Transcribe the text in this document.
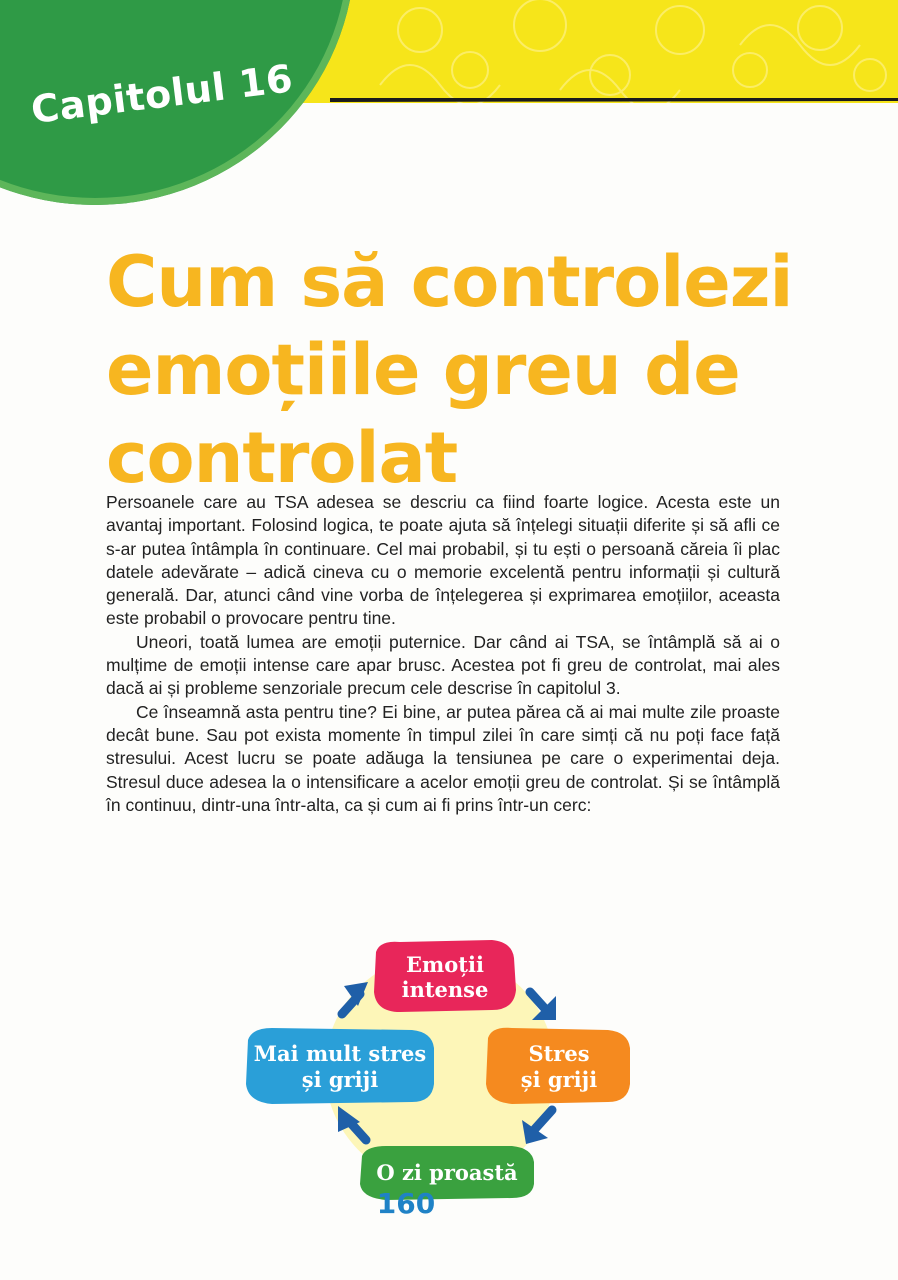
Capitolul 16
Cum să controlezi
emoțiile greu de
controlat

Persoanele care au TSA adesea se descriu ca fiind foarte logice. Acesta este un avantaj important. Folosind logica, te poate ajuta să înțelegi situații diferite și să afli ce s-ar putea întâmpla în continuare. Cel mai probabil, și tu ești o persoană căreia îi plac datele adevărate – adică cineva cu o memorie excelentă pentru informații și cultură generală. Dar, atunci când vine vorba de înțelegerea și exprimarea emoțiilor, aceasta este probabil o provocare pentru tine.

Uneori, toată lumea are emoții puternice. Dar când ai TSA, se întâmplă să ai o mulțime de emoții intense care apar brusc. Acestea pot fi greu de controlat, mai ales dacă ai și probleme senzoriale precum cele descrise în capitolul 3.

Ce înseamnă asta pentru tine? Ei bine, ar putea părea că ai mai multe zile proaste decât bune. Sau pot exista momente în timpul zilei în care simți că nu poți face față stresului. Acest lucru se poate adăuga la tensiunea pe care o experimentai deja. Stresul duce adesea la o intensificare a acelor emoții greu de controlat. Și se întâmplă în continuu, dintr-una într-alta, ca și cum ai fi prins într-un cerc:

Emoții
intense
Stres
și griji
Mai mult stres
și griji
O zi proastă
160
